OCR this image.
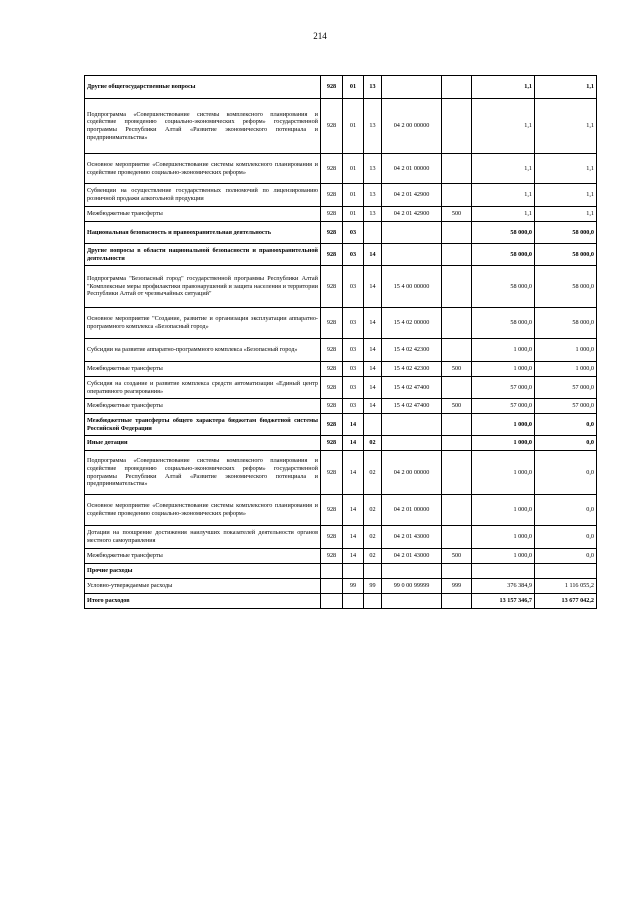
214
Другие общегосударственные вопросы	928	01	13			1,1	1,1
Подпрограмма «Совершенствование системы комплексного планирования и содействие проведению социально-экономических реформ» государственной программы Республики Алтай «Развитие экономического потенциала и предпринимательства»	928	01	13	04 2 00 00000		1,1	1,1
Основное мероприятие «Совершенствование системы комплексного планирования и содействие проведению социально-экономических реформ»	928	01	13	04 2 01 00000		1,1	1,1
Субвенции на осуществление государственных полномочий по лицензированию розничной продажи алкогольной продукции	928	01	13	04 2 01 42900		1,1	1,1
Межбюджетные трансферты	928	01	13	04 2 01 42900	500	1,1	1,1
Национальная безопасность и правоохранительная деятельность	928	03				58 000,0	58 000,0
Другие вопросы в области национальной безопасности и правоохранительной деятельности	928	03	14			58 000,0	58 000,0
Подпрограмма "Безопасный город" государственной программы Республики Алтай "Комплексные меры профилактики правонарушений и защита населения и территории Республики Алтай от чрезвычайных ситуаций"	928	03	14	15 4 00 00000		58 000,0	58 000,0
Основное мероприятие "Создание, развитие и организация эксплуатации аппаратно-программного комплекса «Безопасный город»	928	03	14	15 4 02 00000		58 000,0	58 000,0
Субсидии на развитие аппаратно-программного комплекса «Безопасный город»	928	03	14	15 4 02 42300		1 000,0	1 000,0
Межбюджетные трансферты	928	03	14	15 4 02 42300	500	1 000,0	1 000,0
Субсидия на создание и развитие комплекса средств автоматизации «Единый центр оперативного реагирования»	928	03	14	15 4 02 47400		57 000,0	57 000,0
Межбюджетные трансферты	928	03	14	15 4 02 47400	500	57 000,0	57 000,0
Межбюджетные трансферты общего характера бюджетам бюджетной системы Российской Федерации	928	14				1 000,0	0,0
Иные дотации	928	14	02			1 000,0	0,0
Подпрограмма «Совершенствование системы комплексного планирования и содействие проведению социально-экономических реформ» государственной программы Республики Алтай «Развитие экономического потенциала и предпринимательства»	928	14	02	04 2 00 00000		1 000,0	0,0
Основное мероприятие «Совершенствование системы комплексного планирования и содействие проведению социально-экономических реформ»	928	14	02	04 2 01 00000		1 000,0	0,0
Дотации на поощрение достижения наилучших показателей деятельности органов местного самоуправления	928	14	02	04 2 01 43000		1 000,0	0,0
Межбюджетные трансферты	928	14	02	04 2 01 43000	500	1 000,0	0,0
Прочие расходы							
Условно-утверждаемые расходы		99	99	99 0 00 99999	999	376 384,9	1 116 055,2
Итого расходов						13 157 346,7	13 677 042,2
